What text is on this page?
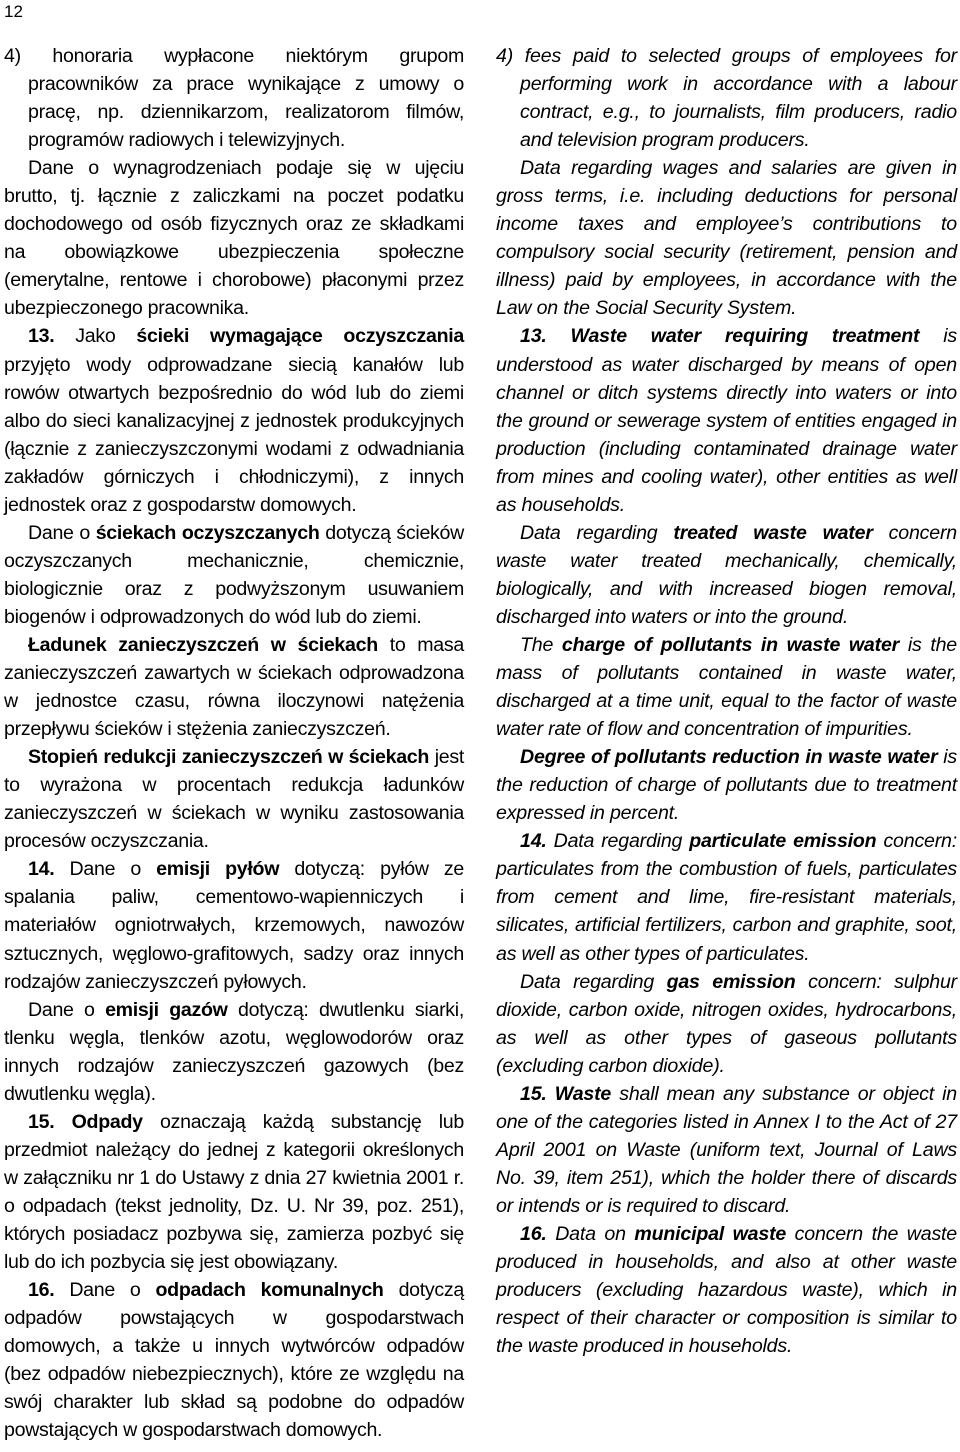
12

4) honoraria wypłacone niektórym grupom pracowników za prace wynikające z umowy o pracę, np. dziennikarzom, realizatorom filmów, programów radiowych i telewizyjnych.

Dane o wynagrodzeniach podaje się w ujęciu brutto, tj. łącznie z zaliczkami na poczet podatku dochodowego od osób fizycznych oraz ze składkami na obowiązkowe ubezpieczenia społeczne (emerytalne, rentowe i chorobowe) płaconymi przez ubezpieczonego pracownika.

13. Jako ścieki wymagające oczyszczania przyjęto wody odprowadzane siecią kanałów lub rowów otwartych bezpośrednio do wód lub do ziemi albo do sieci kanalizacyjnej z jednostek produkcyjnych (łącznie z zanieczyszczonymi wodami z odwadniania zakładów górniczych i chłodniczymi), z innych jednostek oraz z gospodarstw domowych.

Dane o ściekach oczyszczanych dotyczą ścieków oczyszczanych mechanicznie, chemicznie, biologicznie oraz z podwyższonym usuwaniem biogenów i odprowadzonych do wód lub do ziemi.

Ładunek zanieczyszczeń w ściekach to masa zanieczyszczeń zawartych w ściekach odprowadzona w jednostce czasu, równa iloczynowi natężenia przepływu ścieków i stężenia zanieczyszczeń.

Stopień redukcji zanieczyszczeń w ściekach jest to wyrażona w procentach redukcja ładunków zanieczyszczeń w ściekach w wyniku zastosowania procesów oczyszczania.

14. Dane o emisji pyłów dotyczą: pyłów ze spalania paliw, cementowo-wapienniczych i materiałów ogniotrwałych, krzemowych, nawozów sztucznych, węglowo-grafitowych, sadzy oraz innych rodzajów zanieczyszczeń pyłowych.

Dane o emisji gazów dotyczą: dwutlenku siarki, tlenku węgla, tlenków azotu, węglowodorów oraz innych rodzajów zanieczyszczeń gazowych (bez dwutlenku węgla).

15. Odpady oznaczają każdą substancję lub przedmiot należący do jednej z kategorii określonych w załączniku nr 1 do Ustawy z dnia 27 kwietnia 2001 r. o odpadach (tekst jednolity, Dz. U. Nr 39, poz. 251), których posiadacz pozbywa się, zamierza pozbyć się lub do ich pozbycia się jest obowiązany.

16. Dane o odpadach komunalnych dotyczą odpadów powstających w gospodarstwach domowych, a także u innych wytwórców odpadów (bez odpadów niebezpiecznych), które ze względu na swój charakter lub skład są podobne do odpadów powstających w gospodarstwach domowych.

4) fees paid to selected groups of employees for performing work in accordance with a labour contract, e.g., to journalists, film producers, radio and television program producers.

Data regarding wages and salaries are given in gross terms, i.e. including deductions for personal income taxes and employee’s contributions to compulsory social security (retirement, pension and illness) paid by employees, in accordance with the Law on the Social Security System.

13. Waste water requiring treatment is understood as water discharged by means of open channel or ditch systems directly into waters or into the ground or sewerage system of entities engaged in production (including contaminated drainage water from mines and cooling water), other entities as well as households.

Data regarding treated waste water concern waste water treated mechanically, chemically, biologically, and with increased biogen removal, discharged into waters or into the ground.

The charge of pollutants in waste water is the mass of pollutants contained in waste water, discharged at a time unit, equal to the factor of waste water rate of flow and concentration of impurities.

Degree of pollutants reduction in waste water is the reduction of charge of pollutants due to treatment expressed in percent.

14. Data regarding particulate emission concern: particulates from the combustion of fuels, particulates from cement and lime, fire-resistant materials, silicates, artificial fertilizers, carbon and graphite, soot, as well as other types of particulates.

Data regarding gas emission concern: sulphur dioxide, carbon oxide, nitrogen oxides, hydrocarbons, as well as other types of gaseous pollutants (excluding carbon dioxide).

15. Waste shall mean any substance or object in one of the categories listed in Annex I to the Act of 27 April 2001 on Waste (uniform text, Journal of Laws No. 39, item 251), which the holder there of discards or intends or is required to discard.

16. Data on municipal waste concern the waste produced in households, and also at other waste producers (excluding hazardous waste), which in respect of their character or composition is similar to the waste produced in households.
